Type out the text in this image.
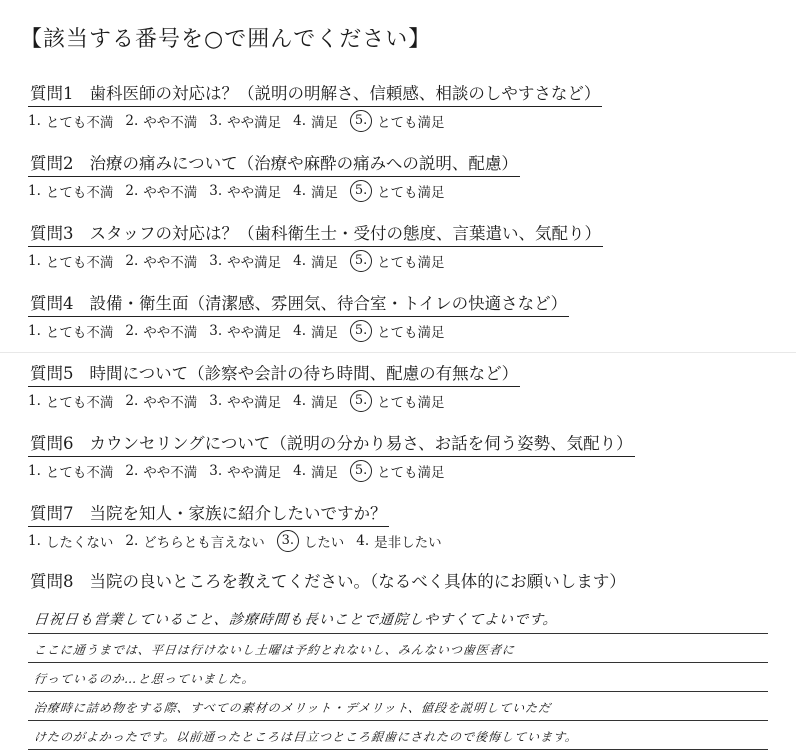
【該当する番号を○で囲んでください】
質問1 歯科医師の対応は？（説明の明解さ、信頼感、相談のしやすさなど）
1. とても不満 2. やや不満 3. やや満足 4. 満足	5. とても満足
質問2 治療の痛みについて（治療や麻酔の痛みへの説明、配慮）
1. とても不満 2. やや不満 3. やや満足 4. 満足	5. とても満足
質問3 スタッフの対応は？（歯科衛生士・受付の態度、言葉遣い、気配り）
1. とても不満 2. やや不満 3. やや満足 4. 満足	5. とても満足
質問4 設備・衛生面（清潔感、雰囲気、待合室・トイレの快適さなど）
1. とても不満 2. やや不満 3. やや満足 4. 満足	5. とても満足
質問5 時間について（診察や会計の待ち時間、配慮の有無など）
1. とても不満 2. やや不満 3. やや満足 4. 満足	5. とても満足
質問6 カウンセリングについて（説明の分かり易さ、お話を伺う姿勢、気配り）
1. とても不満 2. やや不満 3. やや満足 4. 満足	5. とても満足
質問7 当院を知人・家族に紹介したいですか？
1. したくない 2. どちらとも言えない	3. したい 4. 是非したい
質問8 当院の良いところを教えてください。（なるべく具体的にお願いします）
日祝日も営業していること、診療時間も長いことで通院しやすくてよいです。
ここに通うまでは、平日は行けないし土曜は予約とれないし、みんないつ歯医者に
行っているのか…と思っていました。
治療時に詰め物をする際、すべての素材のメリット・デメリット、値段を説明していただ
けたのがよかったです。以前通ったところは目立つところ銀歯にされたので後悔しています。
